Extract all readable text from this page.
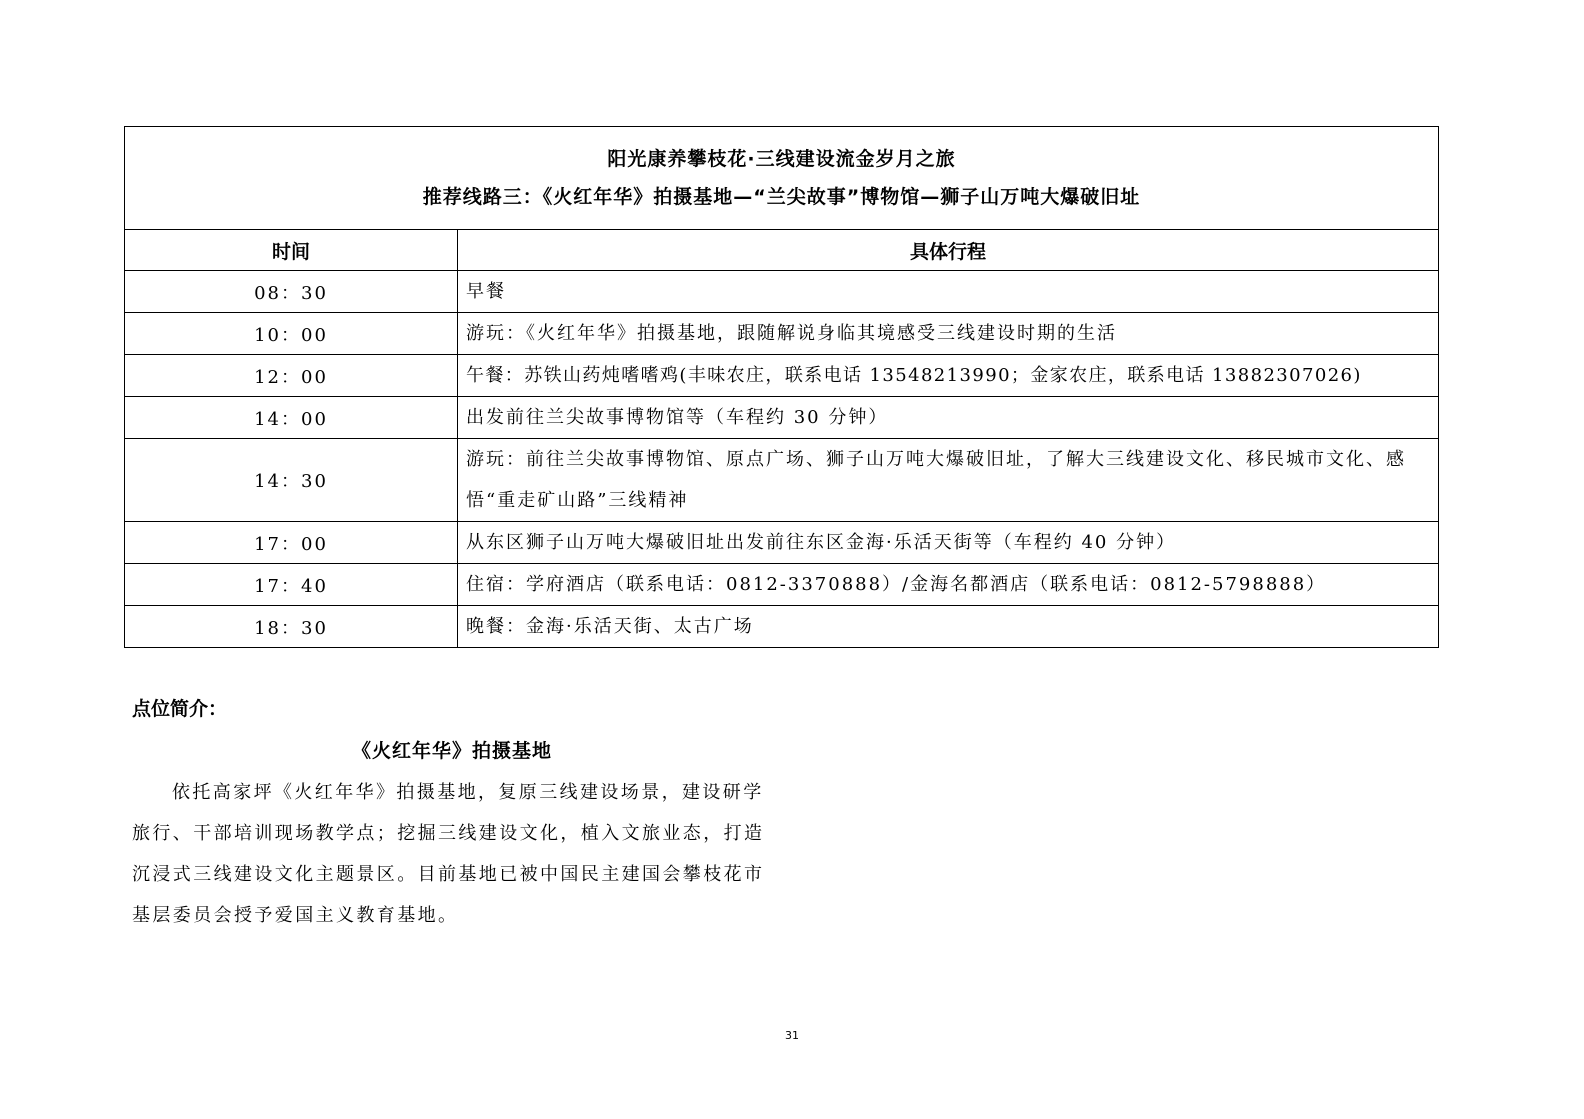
阳光康养攀枝花·三线建设流金岁月之旅
推荐线路三：《火红年华》拍摄基地—“兰尖故事”博物馆—狮子山万吨大爆破旧址	

时间	具体行程
08：30	早餐
10：00	游玩：《火红年华》拍摄基地，跟随解说身临其境感受三线建设时期的生活
12：00	午餐：苏铁山药炖嗜嗜鸡(丰味农庄，联系电话 13548213990；金家农庄，联系电话 13882307026)
14：00	出发前往兰尖故事博物馆等（车程约 30 分钟）
14：30	游玩：前往兰尖故事博物馆、原点广场、狮子山万吨大爆破旧址，了解大三线建设文化、移民城市文化、感悟“重走矿山路”三线精神
17：00	从东区狮子山万吨大爆破旧址出发前往东区金海·乐活天街等（车程约 40 分钟）
17：40	住宿：学府酒店（联系电话：0812-3370888）/金海名都酒店（联系电话：0812-5798888）
18：30	晚餐：金海·乐活天街、太古广场
点位简介：
《火红年华》拍摄基地

依托高家坪《火红年华》拍摄基地，复原三线建设场景，建设研学旅行、干部培训现场教学点；挖掘三线建设文化，植入文旅业态，打造沉浸式三线建设文化主题景区。目前基地已被中国民主建国会攀枝花市基层委员会授予爱国主义教育基地。

31
